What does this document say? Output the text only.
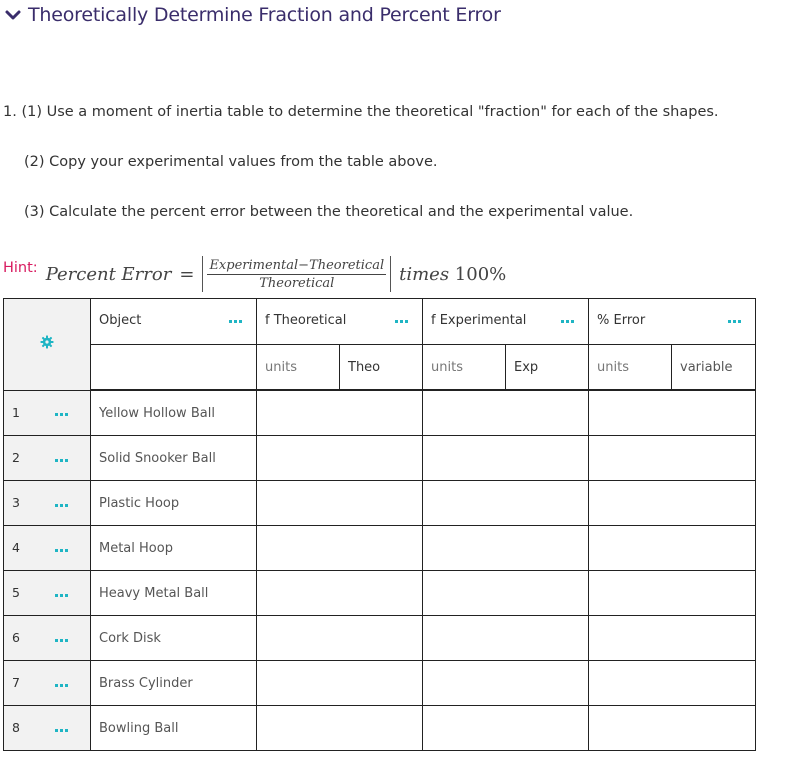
Theoretically Determine Fraction and Percent Error
1. (1) Use a moment of inertia table to determine the theoretical "fraction" for each of the shapes.
(2) Copy your experimental values from the table above.
(3) Calculate the percent error between the theoretical and the experimental value.
Hint: Percent Error = $\frac{\text{Experimental−Theoretical}}{\text{Theoretical}}$ times 100%

Object	f Theoretical		f Experimental		% Error	

			units	Theo	units	Exp	units	variable
1		Yellow Hollow Ball						
2		Solid Snooker Ball						
3		Plastic Hoop						
4		Metal Hoop						
5		Heavy Metal Ball						
6		Cork Disk						
7		Brass Cylinder						
8		Bowling Ball						
